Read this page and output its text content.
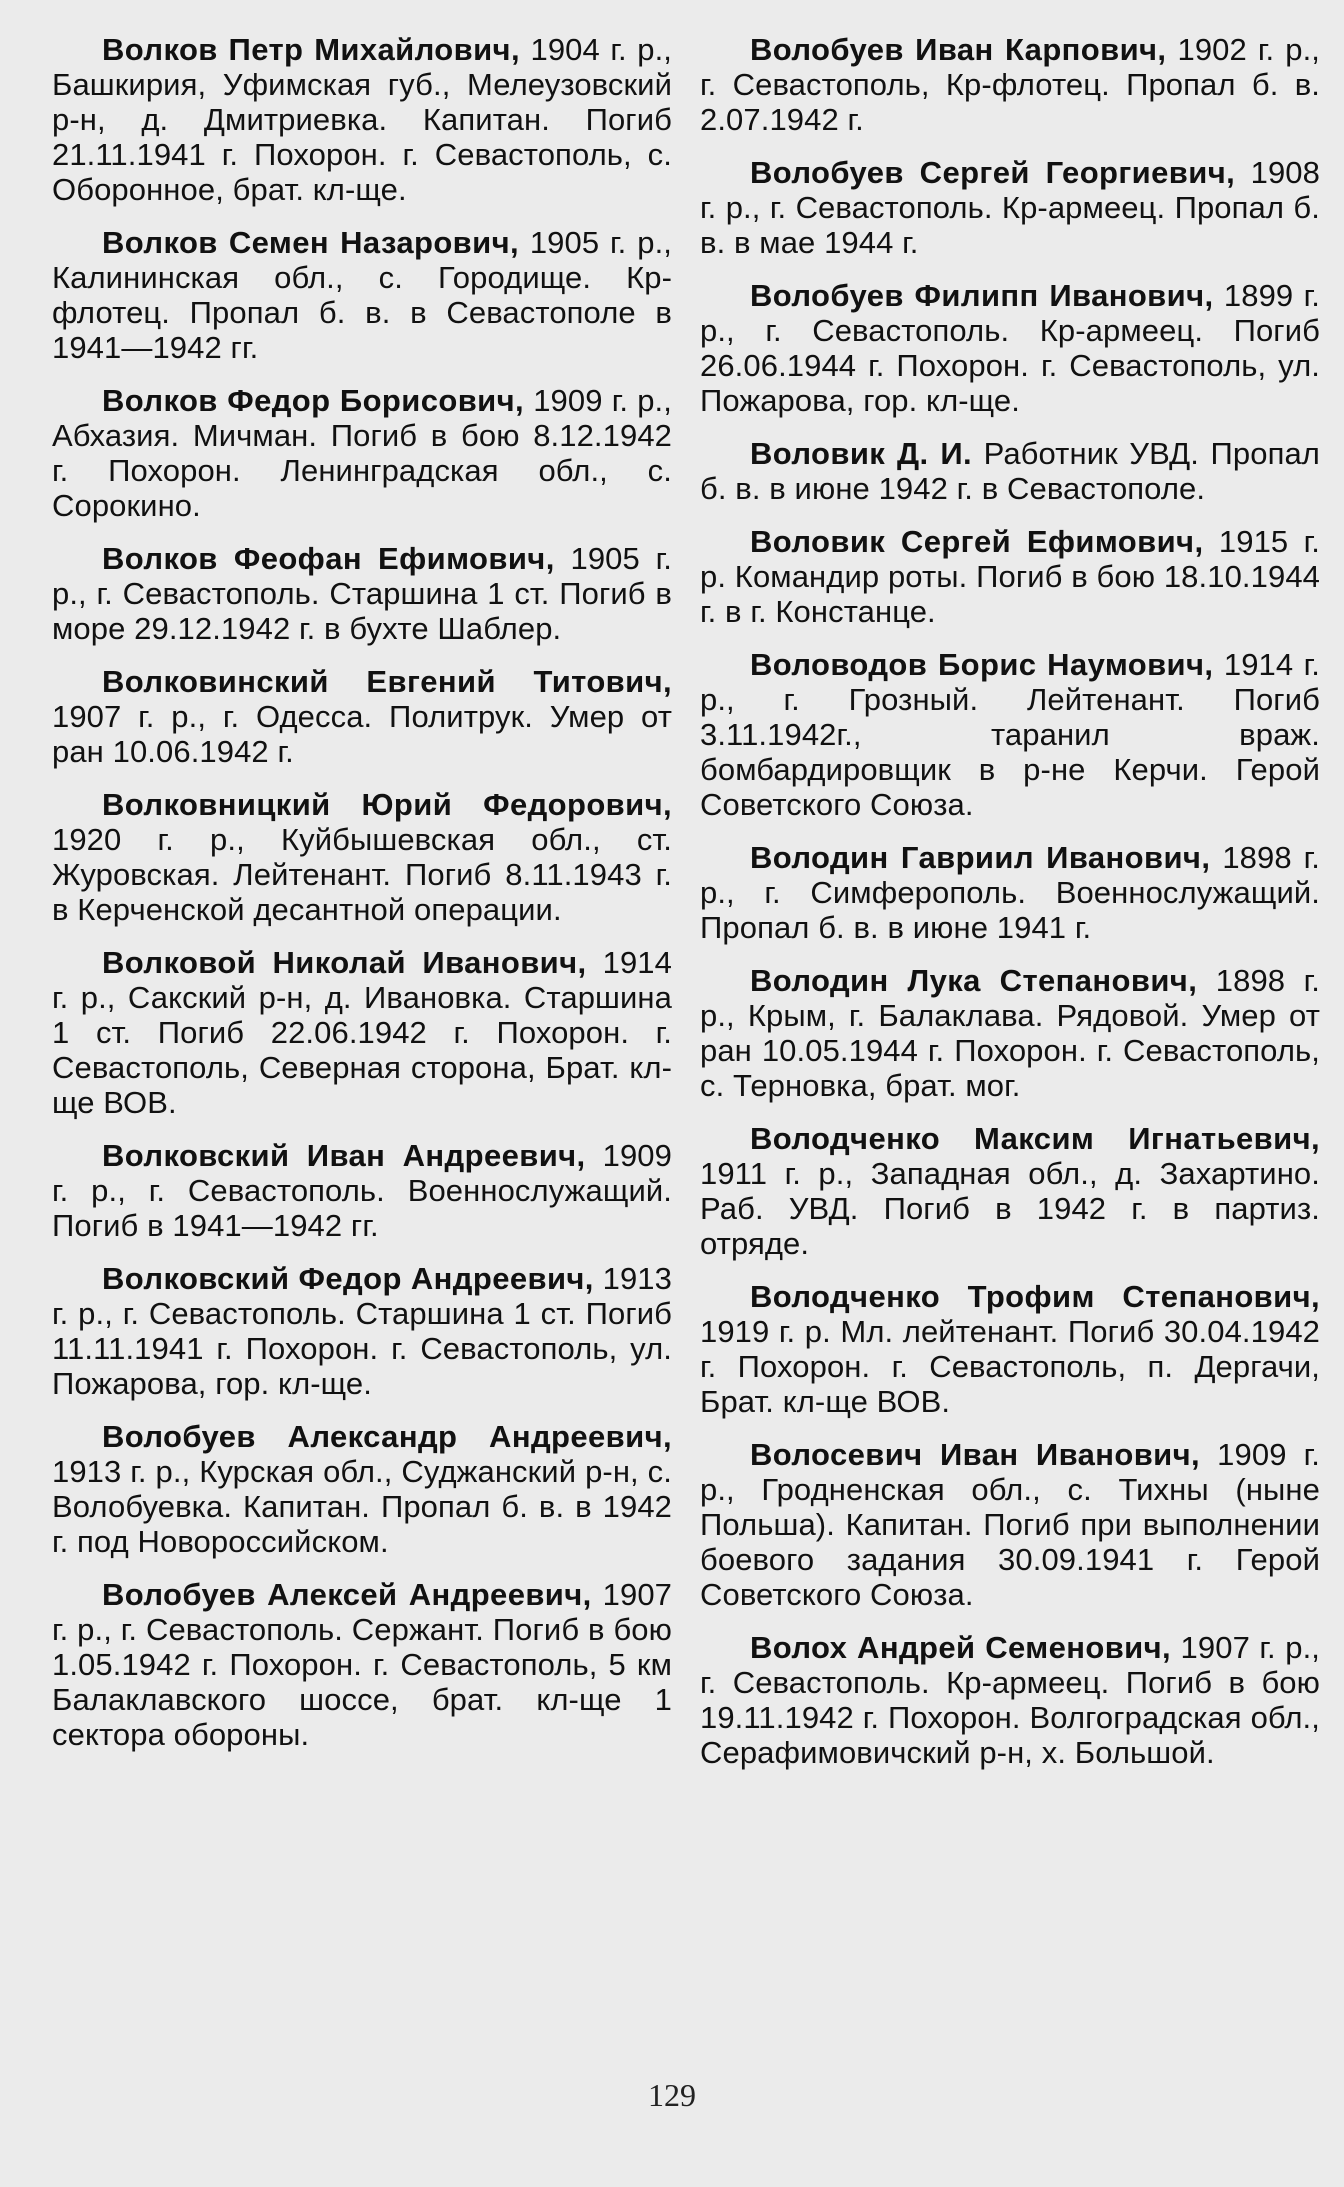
Волков Петр Михайлович, 1904 г. р., Башкирия, Уфимская губ., Мелеузовский р-н, д. Дмитриевка. Капитан. Погиб 21.11.1941 г. Похорон. г. Севастополь, с. Оборонное, брат. кл-ще.

Волков Семен Назарович, 1905 г. р., Калининская обл., с. Городище. Кр-флотец. Пропал б. в. в Севастополе в 1941—1942 гг.

Волков Федор Борисович, 1909 г. р., Абхазия. Мичман. Погиб в бою 8.12.1942 г. Похорон. Ленинградская обл., с. Сорокино.

Волков Феофан Ефимович, 1905 г. р., г. Севастополь. Старшина 1 ст. Погиб в море 29.12.1942 г. в бухте Шаблер.

Волковинский Евгений Титович, 1907 г. р., г. Одесса. Политрук. Умер от ран 10.06.1942 г.

Волковницкий Юрий Федорович, 1920 г. р., Куйбышевская обл., ст. Журовская. Лейтенант. Погиб 8.11.1943 г. в Керченской десантной операции.

Волковой Николай Иванович, 1914 г. р., Сакский р-н, д. Ивановка. Старшина 1 ст. Погиб 22.06.1942 г. Похорон. г. Севастополь, Северная сторона, Брат. кл-ще ВОВ.

Волковский Иван Андреевич, 1909 г. р., г. Севастополь. Военнослужащий. Погиб в 1941—1942 гг.

Волковский Федор Андреевич, 1913 г. р., г. Севастополь. Старшина 1 ст. Погиб 11.11.1941 г. Похорон. г. Севастополь, ул. Пожарова, гор. кл-ще.

Волобуев Александр Андреевич, 1913 г. р., Курская обл., Суджанский р-н, с. Волобуевка. Капитан. Пропал б. в. в 1942 г. под Новороссийском.

Волобуев Алексей Андреевич, 1907 г. р., г. Севастополь. Сержант. Погиб в бою 1.05.1942 г. Похорон. г. Севастополь, 5 км Балаклавского шоссе, брат. кл-ще 1 сектора обороны.

Волобуев Иван Карпович, 1902 г. р., г. Севастополь, Кр-флотец. Пропал б. в. 2.07.1942 г.

Волобуев Сергей Георгиевич, 1908 г. р., г. Севастополь. Кр-армеец. Пропал б. в. в мае 1944 г.

Волобуев Филипп Иванович, 1899 г. р., г. Севастополь. Кр-армеец. Погиб 26.06.1944 г. Похорон. г. Севастополь, ул. Пожарова, гор. кл-ще.

Воловик Д. И. Работник УВД. Пропал б. в. в июне 1942 г. в Севастополе.

Воловик Сергей Ефимович, 1915 г. р. Командир роты. Погиб в бою 18.10.1944 г. в г. Констанце.

Воловодов Борис Наумович, 1914 г. р., г. Грозный. Лейтенант. Погиб 3.11.1942г., таранил враж. бомбардировщик в р-не Керчи. Герой Советского Союза.

Володин Гавриил Иванович, 1898 г. р., г. Симферополь. Военнослужащий. Пропал б. в. в июне 1941 г.

Володин Лука Степанович, 1898 г. р., Крым, г. Балаклава. Рядовой. Умер от ран 10.05.1944 г. Похорон. г. Севастополь, с. Терновка, брат. мог.

Володченко Максим Игнатьевич, 1911 г. р., Западная обл., д. Захартино. Раб. УВД. Погиб в 1942 г. в партиз. отряде.

Володченко Трофим Степанович, 1919 г. р. Мл. лейтенант. Погиб 30.04.1942 г. Похорон. г. Севастополь, п. Дергачи, Брат. кл-ще ВОВ.

Волосевич Иван Иванович, 1909 г. р., Гродненская обл., с. Тихны (ныне Польша). Капитан. Погиб при выполнении боевого задания 30.09.1941 г. Герой Советского Союза.

Волох Андрей Семенович, 1907 г. р., г. Севастополь. Кр-армеец. Погиб в бою 19.11.1942 г. Похорон. Волгоградская обл., Серафимовичский р-н, х. Большой.

129
